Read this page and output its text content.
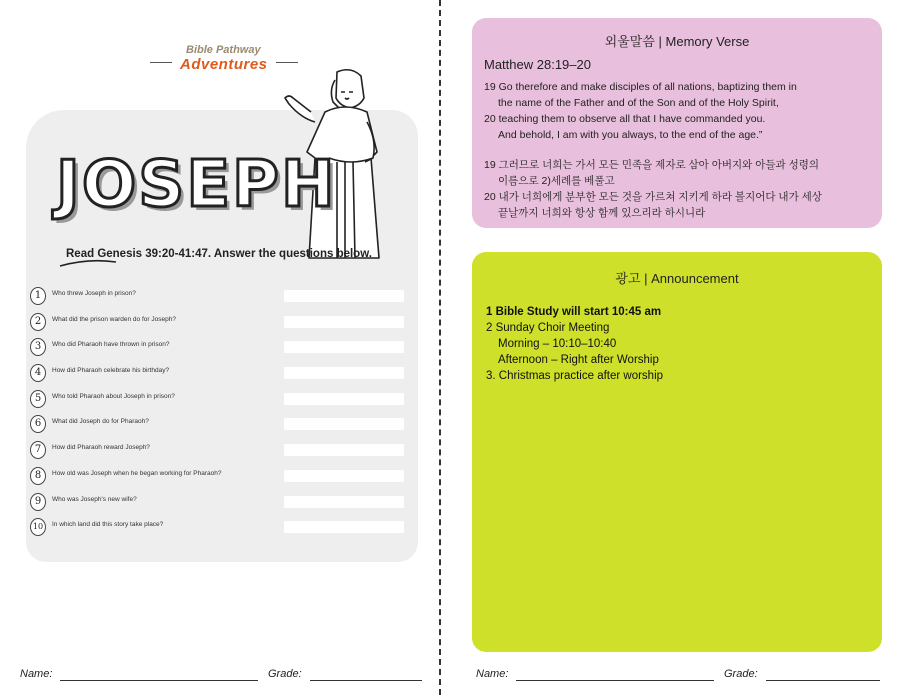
Bible Pathway
Adventures
JOSEPH
Read Genesis 39:20-41:47. Answer the questions below.
1	Who threw Joseph in prison?
2	What did the prison warden do for Joseph?
3	Who did Pharaoh have thrown in prison?
4	How did Pharaoh celebrate his birthday?
5	Who told Pharaoh about Joseph in prison?
6	What did Joseph do for Pharaoh?
7	How did Pharaoh reward Joseph?
8	How old was Joseph when he began working for Pharaoh?
9	Who was Joseph's new wife?
10	In which land did this story take place?
Name:	Grade:
외울말씀 | Memory Verse
Matthew 28:19–20
19 Go therefore and make disciples of all nations, baptizing them in
the name of the Father and of the Son and of the Holy Spirit,
20 teaching them to observe all that I have commanded you.
And behold, I am with you always, to the end of the age.”
19 그러므로 너희는 가서 모든 민족을 제자로 삼아 아버지와 아들과 성령의
이름으로 2)세례를 베풀고
20 내가 너희에게 분부한 모든 것을 가르쳐 지키게 하라 볼지어다 내가 세상
끝날까지 너희와 항상 함께 있으리라 하시니라
광고 | Announcement
1 Bible Study will start 10:45 am
2 Sunday Choir Meeting
Morning – 10:10–10:40
Afternoon – Right after Worship
3. Christmas practice after worship
Name:	Grade:
